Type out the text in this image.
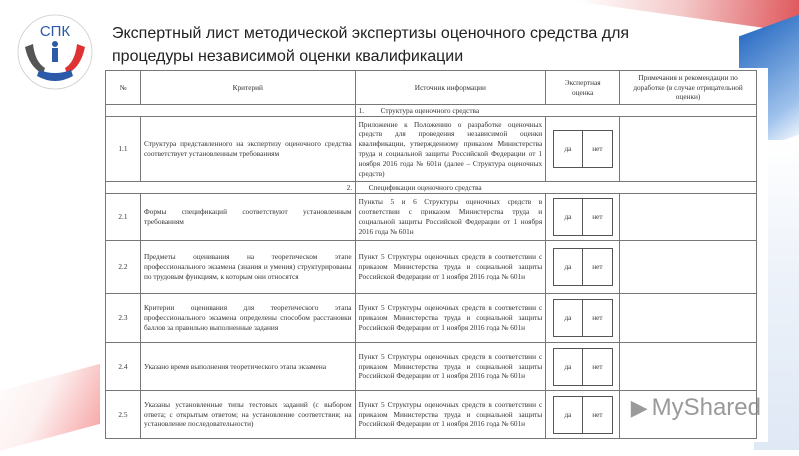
СПК	Экспертный лист методической экспертизы оценочного средства для
процедуры независимой оценки квалификации
№	Критерий	Источник информации	Экспертная оценка	Примечания и рекомендации по доработке (в случае отрицательной оценки)
		1. Структура оценочного средства		
1.1	Структура представленного на экспертизу оценочного средства соответствует установленным требованиям	Приложение к Положению о разработке оценочных средств для проведения независимой оценки квалификации, утвержденному приказом Министерства труда и социальной защиты Российской Федерации от 1 ноября 2016 года № 601н (далее – Структура оценочных средств)	да нет	

		2. Спецификации оценочного средства		
2.1	Формы спецификаций соответствуют установленным требованиям	Пункты 5 и 6 Структуры оценочных средств в соответствии с приказом Министерства труда и социальной защиты Российской Федерации от 1 ноября 2016 года № 601н	да нет	

2.2	Предметы оценивания на теоретическом этапе профессионального экзамена (знания и умения) структурированы по трудовым функциям, к которым они относятся	Пункт 5 Структуры оценочных средств в соответствии с приказом Министерства труда и социальной защиты Российской Федерации от 1 ноября 2016 года № 601н	да нет	

2.3	Критерии оценивания для теоретического этапа профессионального экзамена определены способом расстановки баллов за правильно выполненные задания	Пункт 5 Структуры оценочных средств в соответствии с приказом Министерства труда и социальной защиты Российской Федерации от 1 ноября 2016 года № 601н	да нет	

2.4	Указано время выполнения теоретического этапа экзамена	Пункт 5 Структуры оценочных средств в соответствии с приказом Министерства труда и социальной защиты Российской Федерации от 1 ноября 2016 года № 601н	да нет	

2.5	Указаны установленные типы тестовых заданий (с выбором ответа; с открытым ответом; на установление соответствия; на установление последовательности)	Пункт 5 Структуры оценочных средств в соответствии с приказом Министерства труда и социальной защиты Российской Федерации от 1 ноября 2016 года № 601н	да нет	
		▶ MyShared
